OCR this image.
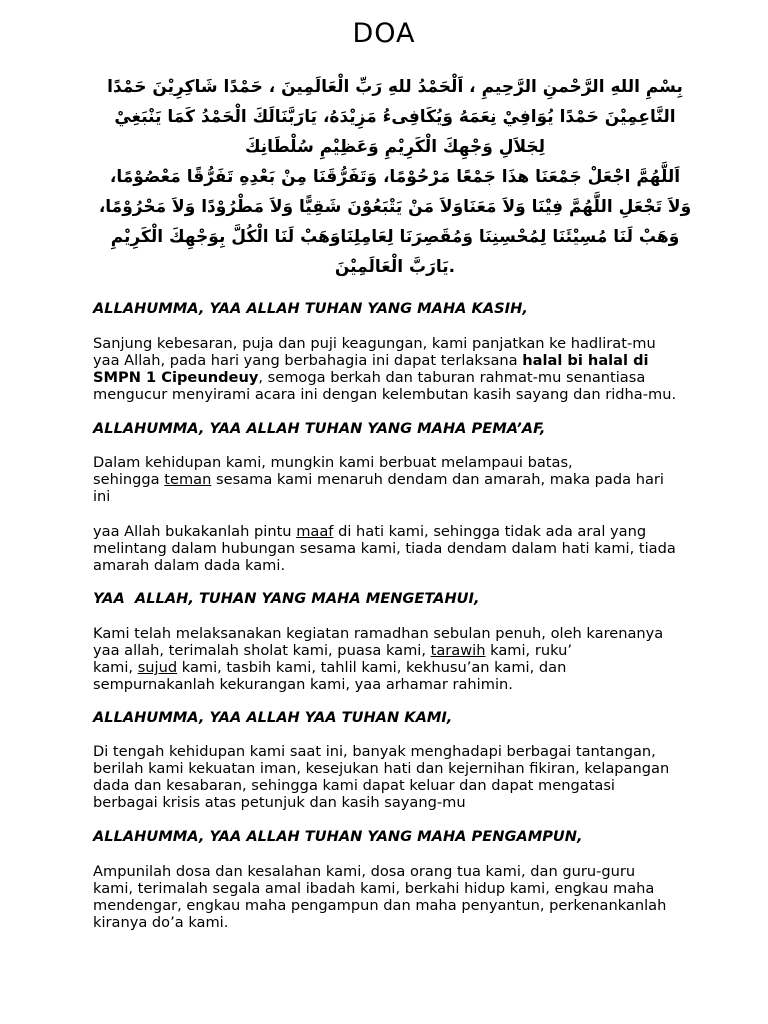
DOA
بِسْمِ اللهِ الرَّحْمنِ الرَّحِيمِ ، اَلْحَمْدُ للهِ رَبِّ الْعَالَمِينَ ، حَمْدًا شَاكِرِيْنَ حَمْدًا
النَّاعِمِيْنَ حَمْدًا يُوَافِيْ نِعَمَهُ وَيُكَافِىءُ مَزِيْدَهُ، يَارَبَّنَالَكَ الْحَمْدُ كَمَا يَنْبَغِيْ
لِجَلاَلِ وَجْهِكَ الْكَرِيْمِ وَعَظِيْمِ سُلْطَانِكَ
اَللَّهُمَّ اجْعَلْ جَمْعَنَا هذَا جَمْعًا مَرْحُوْمًا، وَتَفَرُّقَنَا مِنْ بَعْدِهِ تَفَرُّقًا مَعْصُوْمًا،
وَلاَ تَجْعَلِ اللَّهُمَّ فِيْنَا وَلاَ مَعَنَاوَلاَ مَنْ يَتْبَعُوْنَ شَقِيًّا وَلاَ مَطْرُوْدًا وَلاَ مَحْرُوْمًا،
وَهَبْ لَنَا مُسِيْئَنَا لِمُحْسِنِنَا وَمُقَصِرَنَا لِعَامِلِنَاوَهَبْ لَنَا الْكُلَّ بِوَجْهِكَ الْكَرِيْمِ
.يَارَبَّ الْعَالَمِيْنَ
ALLAHUMMA, YAA ALLAH TUHAN YANG MAHA KASIH,
Sanjung kebesaran, puja dan puji keagungan, kami panjatkan ke hadlirat-mu
yaa Allah, pada hari yang berbahagia ini dapat terlaksana halal bi halal di
SMPN 1 Cipeundeuy, semoga berkah dan taburan rahmat-mu senantiasa
mengucur menyirami acara ini dengan kelembutan kasih sayang dan ridha-mu.
ALLAHUMMA, YAA ALLAH TUHAN YANG MAHA PEMA’AF,
Dalam kehidupan kami, mungkin kami berbuat melampaui batas,
sehingga teman sesama kami menaruh dendam dan amarah, maka pada hari
ini
yaa Allah bukakanlah pintu maaf di hati kami, sehingga tidak ada aral yang
melintang dalam hubungan sesama kami, tiada dendam dalam hati kami, tiada
amarah dalam dada kami.
YAA  ALLAH, TUHAN YANG MAHA MENGETAHUI,
Kami telah melaksanakan kegiatan ramadhan sebulan penuh, oleh karenanya
yaa allah, terimalah sholat kami, puasa kami, tarawih kami, ruku’
kami, sujud kami, tasbih kami, tahlil kami, kekhusu’an kami, dan
sempurnakanlah kekurangan kami, yaa arhamar rahimin.
ALLAHUMMA, YAA ALLAH YAA TUHAN KAMI,
Di tengah kehidupan kami saat ini, banyak menghadapi berbagai tantangan,
berilah kami kekuatan iman, kesejukan hati dan kejernihan fikiran, kelapangan
dada dan kesabaran, sehingga kami dapat keluar dan dapat mengatasi
berbagai krisis atas petunjuk dan kasih sayang-mu
ALLAHUMMA, YAA ALLAH TUHAN YANG MAHA PENGAMPUN,
Ampunilah dosa dan kesalahan kami, dosa orang tua kami, dan guru-guru
kami, terimalah segala amal ibadah kami, berkahi hidup kami, engkau maha
mendengar, engkau maha pengampun dan maha penyantun, perkenankanlah
kiranya do’a kami.
